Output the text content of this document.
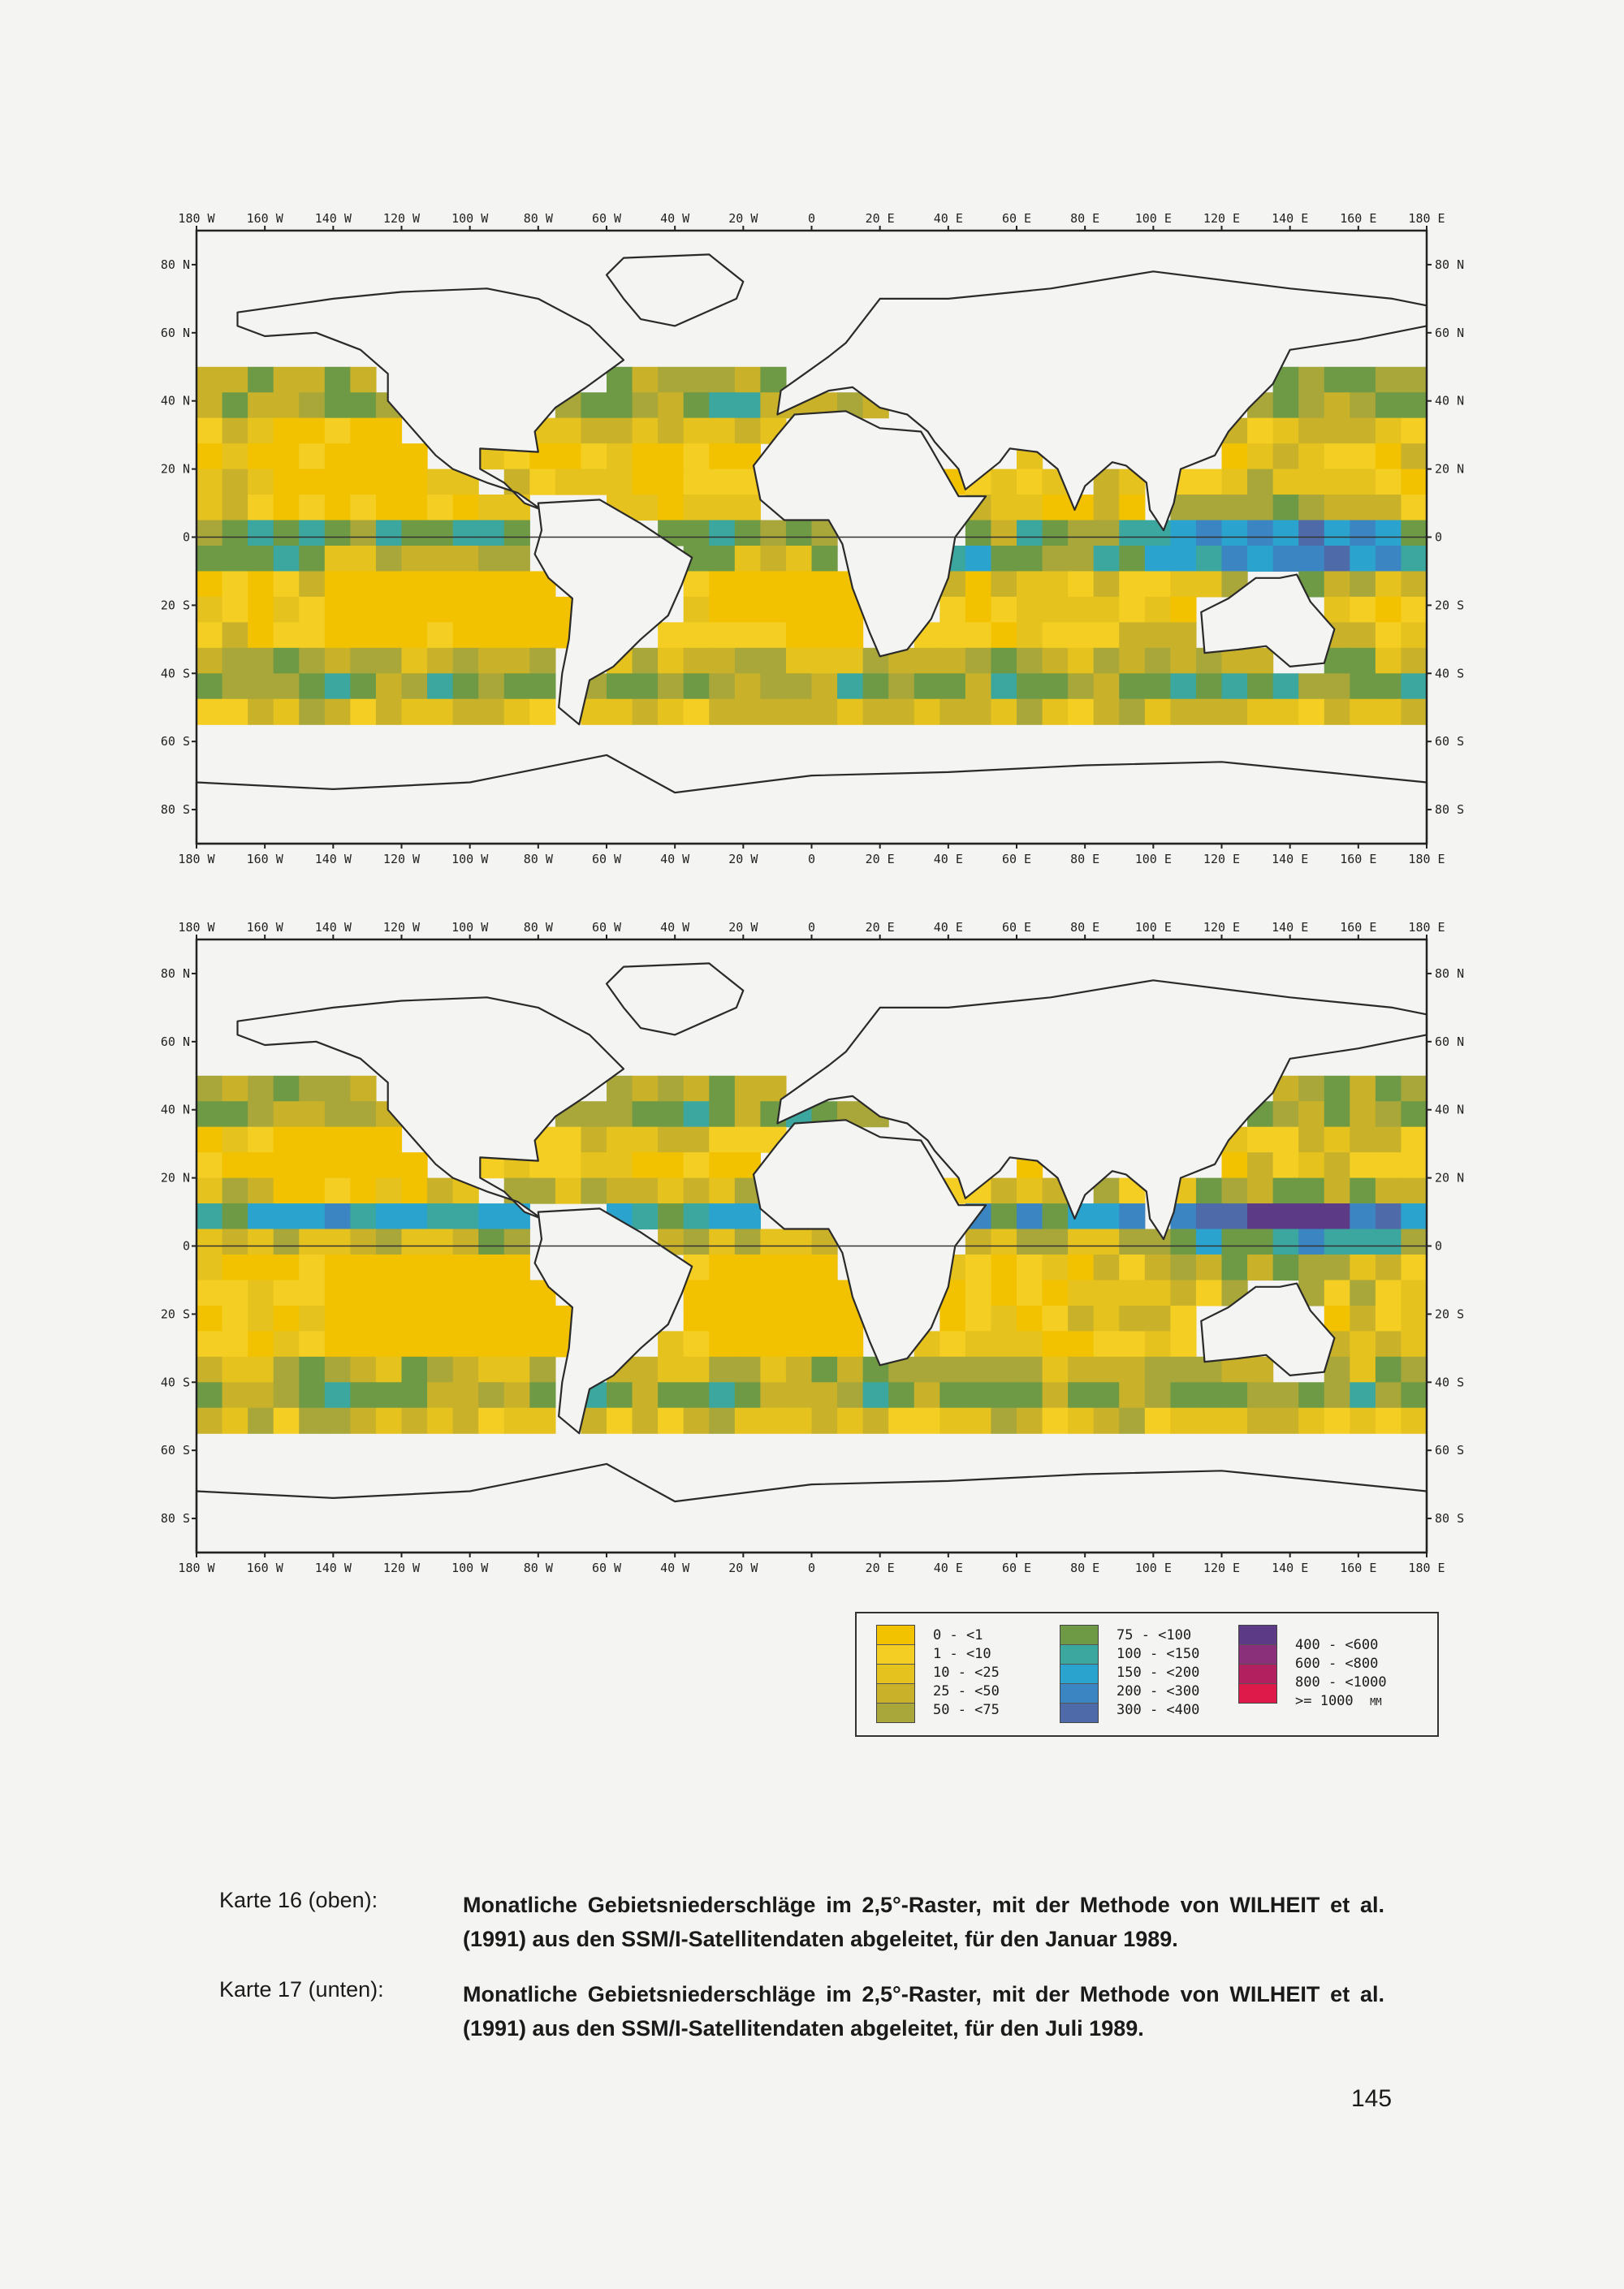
180 W	160 W	140 W	120 W	100 W	80 W	60 W	40 W	20 W	0	20 E	40 E	60 E	80 E	100 E	120 E	140 E	160 E	180 E
180 W	160 W	140 W	120 W	100 W	80 W	60 W	40 W	20 W	0	20 E	40 E	60 E	80 E	100 E	120 E	140 E	160 E	180 E
80 N
60 N
40 N
20 N
0
20 S
40 S
60 S
80 S
80 N
60 N
40 N
20 N
0
20 S
40 S
60 S
80 S
180 W	160 W	140 W	120 W	100 W	80 W	60 W	40 W	20 W	0	20 E	40 E	60 E	80 E	100 E	120 E	140 E	160 E	180 E
180 W	160 W	140 W	120 W	100 W	80 W	60 W	40 W	20 W	0	20 E	40 E	60 E	80 E	100 E	120 E	140 E	160 E	180 E
80 N
60 N
40 N
20 N
0
20 S
40 S
60 S
80 S
80 N
60 N
40 N
20 N
0
20 S
40 S
60 S
80 S
0 - <1
1 - <10
10 - <25
25 - <50
50 - <75
75 - <100
100 - <150
150 - <200
200 - <300
300 - <400
400 - <600
600 - <800
800 - <1000
>= 1000 MM
Karte 16 (oben):	Monatliche Gebietsniederschläge im 2,5°-Raster, mit der Methode von WILHEIT et al. (1991) aus den SSM/I-Satellitendaten abgeleitet, für den Januar 1989.
Karte 17 (unten):	Monatliche Gebietsniederschläge im 2,5°-Raster, mit der Methode von WILHEIT et al. (1991) aus den SSM/I-Satellitendaten abgeleitet, für den Juli 1989.
145
